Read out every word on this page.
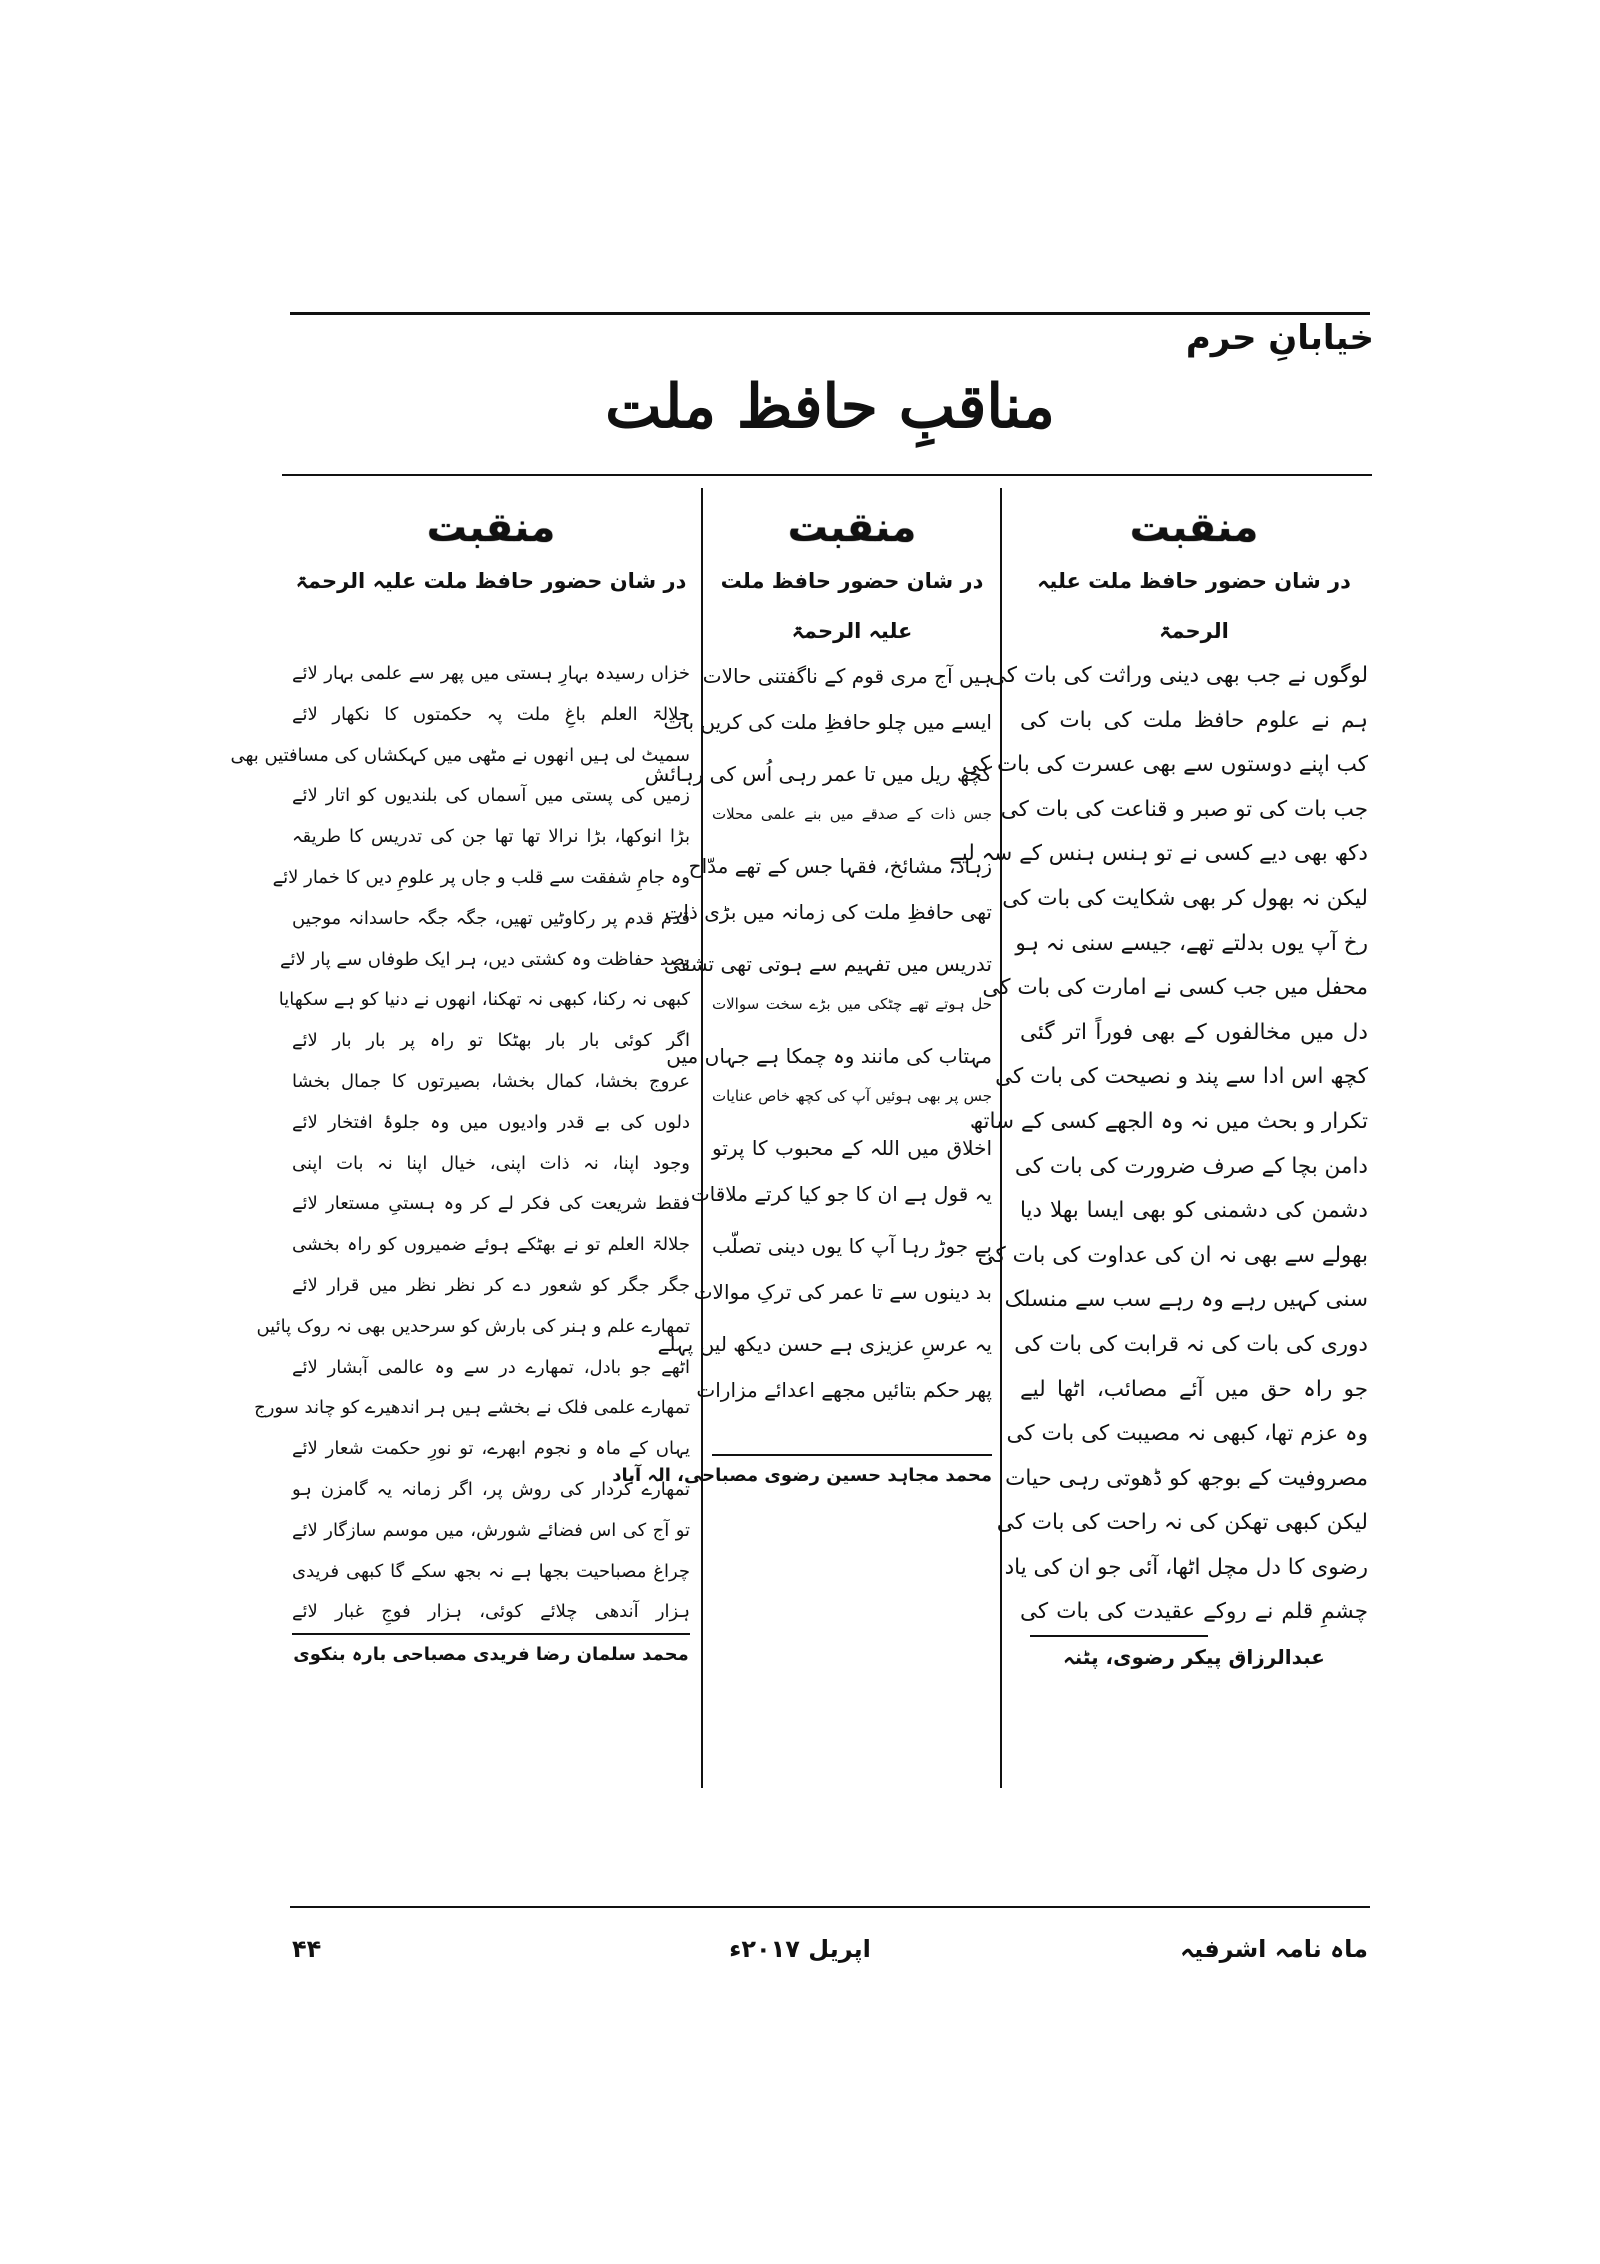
خیابانِ حرم
مناقبِ حافظ ملت
منقبت
در شان حضور حافظ ملت علیہ الرحمۃ
لوگوں نے جب بھی دینی وراثت کی بات کی
ہم نے علوم حافظ ملت کی بات کی
کب اپنے دوستوں سے بھی عسرت کی بات کی
جب بات کی تو صبر و قناعت کی بات کی
دکھ بھی دیے کسی نے تو ہنس ہنس کے سہ لیے
لیکن نہ بھول کر بھی شکایت کی بات کی
رخ آپ یوں بدلتے تھے، جیسے سنی نہ ہو
محفل میں جب کسی نے امارت کی بات کی
دل میں مخالفوں کے بھی فوراً اتر گئی
کچھ اس ادا سے پند و نصیحت کی بات کی
تکرار و بحث میں نہ وہ الجھے کسی کے ساتھ
دامن بچا کے صرف ضرورت کی بات کی
دشمن کی دشمنی کو بھی ایسا بھلا دیا
بھولے سے بھی نہ ان کی عداوت کی بات کی
سنی کہیں رہے وہ رہے سب سے منسلک
دوری کی بات کی نہ قرابت کی بات کی
جو راہ حق میں آئے مصائب، اٹھا لیے
وہ عزم تھا، کبھی نہ مصیبت کی بات کی
مصروفیت کے بوجھ کو ڈھوتی رہی حیات
لیکن کبھی تھکن کی نہ راحت کی بات کی
رضوی کا دل مچل اٹھا، آئی جو ان کی یاد
چشمِ قلم نے روکے عقیدت کی بات کی
عبدالرزاق پیکر رضوی، پٹنہ
منقبت
در شان حضور حافظ ملت علیہ الرحمۃ
ہیں آج مری قوم کے ناگفتنی حالات
ایسے میں چلو حافظِ ملت کی کریں بات
کچھ ریل میں تا عمر رہی اُس کی رہائش
جس ذات کے صدقے میں بنے علمی محلات
زہاد، مشائخ، فقہا جس کے تھے مدّاح
تھی حافظِ ملت کی زمانہ میں بڑی ذات
تدریس میں تفہیم سے ہوتی تھی تشفی
حل ہوتے تھے چٹکی میں بڑے سخت سوالات
مہتاب کی مانند وہ چمکا ہے جہاں میں
جس پر بھی ہوئیں آپ کی کچھ خاص عنایات
اخلاق میں اللہ کے محبوب کا پرتو
یہ قول ہے ان کا جو کیا کرتے ملاقات
بے جوڑ رہا آپ کا یوں دینی تصلّب
بد دینوں سے تا عمر کی ترکِ موالات
یہ عرسِ عزیزی ہے حسن دیکھ لیں پہلے
پھر حکم بتائیں مجھے اعدائے مزارات
محمد مجاہد حسین رضوی مصباحی، الہ آباد
منقبت
در شان حضور حافظ ملت علیہ الرحمۃ
خزاں رسیدہ بہارِ ہستی میں پھر سے علمی بہار لائے
جلالۃ العلم باغِ ملت پہ حکمتوں کا نکھار لائے
سمیٹ لی ہیں انھوں نے مٹھی میں کہکشاں کی مسافتیں بھی
زمیں کی پستی میں آسماں کی بلندیوں کو اتار لائے
بڑا انوکھا، بڑا نرالا تھا تھا جن کی تدریس کا طریقہ
وہ جامِ شفقت سے قلب و جاں پر علومِ دیں کا خمار لائے
قدم قدم پر رکاوٹیں تھیں، جگہ جگہ حاسدانہ موجیں
بصد حفاظت وہ کشتی دیں، ہر ایک طوفاں سے پار لائے
کبھی نہ رکنا، کبھی نہ تھکنا، انھوں نے دنیا کو ہے سکھایا
اگر کوئی بار بار بھٹکا تو راہ پر بار بار لائے
عروج بخشا، کمال بخشا، بصیرتوں کا جمال بخشا
دلوں کی بے قدر وادیوں میں وہ جلوۂ افتخار لائے
وجود اپنا، نہ ذات اپنی، خیال اپنا نہ بات اپنی
فقط شریعت کی فکر لے کر وہ ہستیِ مستعار لائے
جلالۃ العلم تو نے بھٹکے ہوئے ضمیروں کو راہ بخشی
جگر جگر کو شعور دے کر نظر نظر میں قرار لائے
تمھارے علم و ہنر کی بارش کو سرحدیں بھی نہ روک پائیں
اٹھے جو بادل، تمھارے در سے وہ عالمی آبشار لائے
تمھارے علمی فلک نے بخشے ہیں ہر اندھیرے کو چاند سورج
یہاں کے ماہ و نجوم ابھرے، تو نورِ حکمت شعار لائے
تمھارے کردار کی روش پر، اگر زمانہ یہ گامزن ہو
تو آج کی اس فضائے شورش، میں موسم سازگار لائے
چراغ مصباحیت بجھا ہے نہ بجھ سکے گا کبھی فریدی
ہزار آندھی چلائے کوئی، ہزار فوجِ غبار لائے
محمد سلمان رضا فریدی مصباحی بارہ بنکوی
ماہ نامہ اشرفیہ
اپریل ۲۰۱۷ء
۴۴
